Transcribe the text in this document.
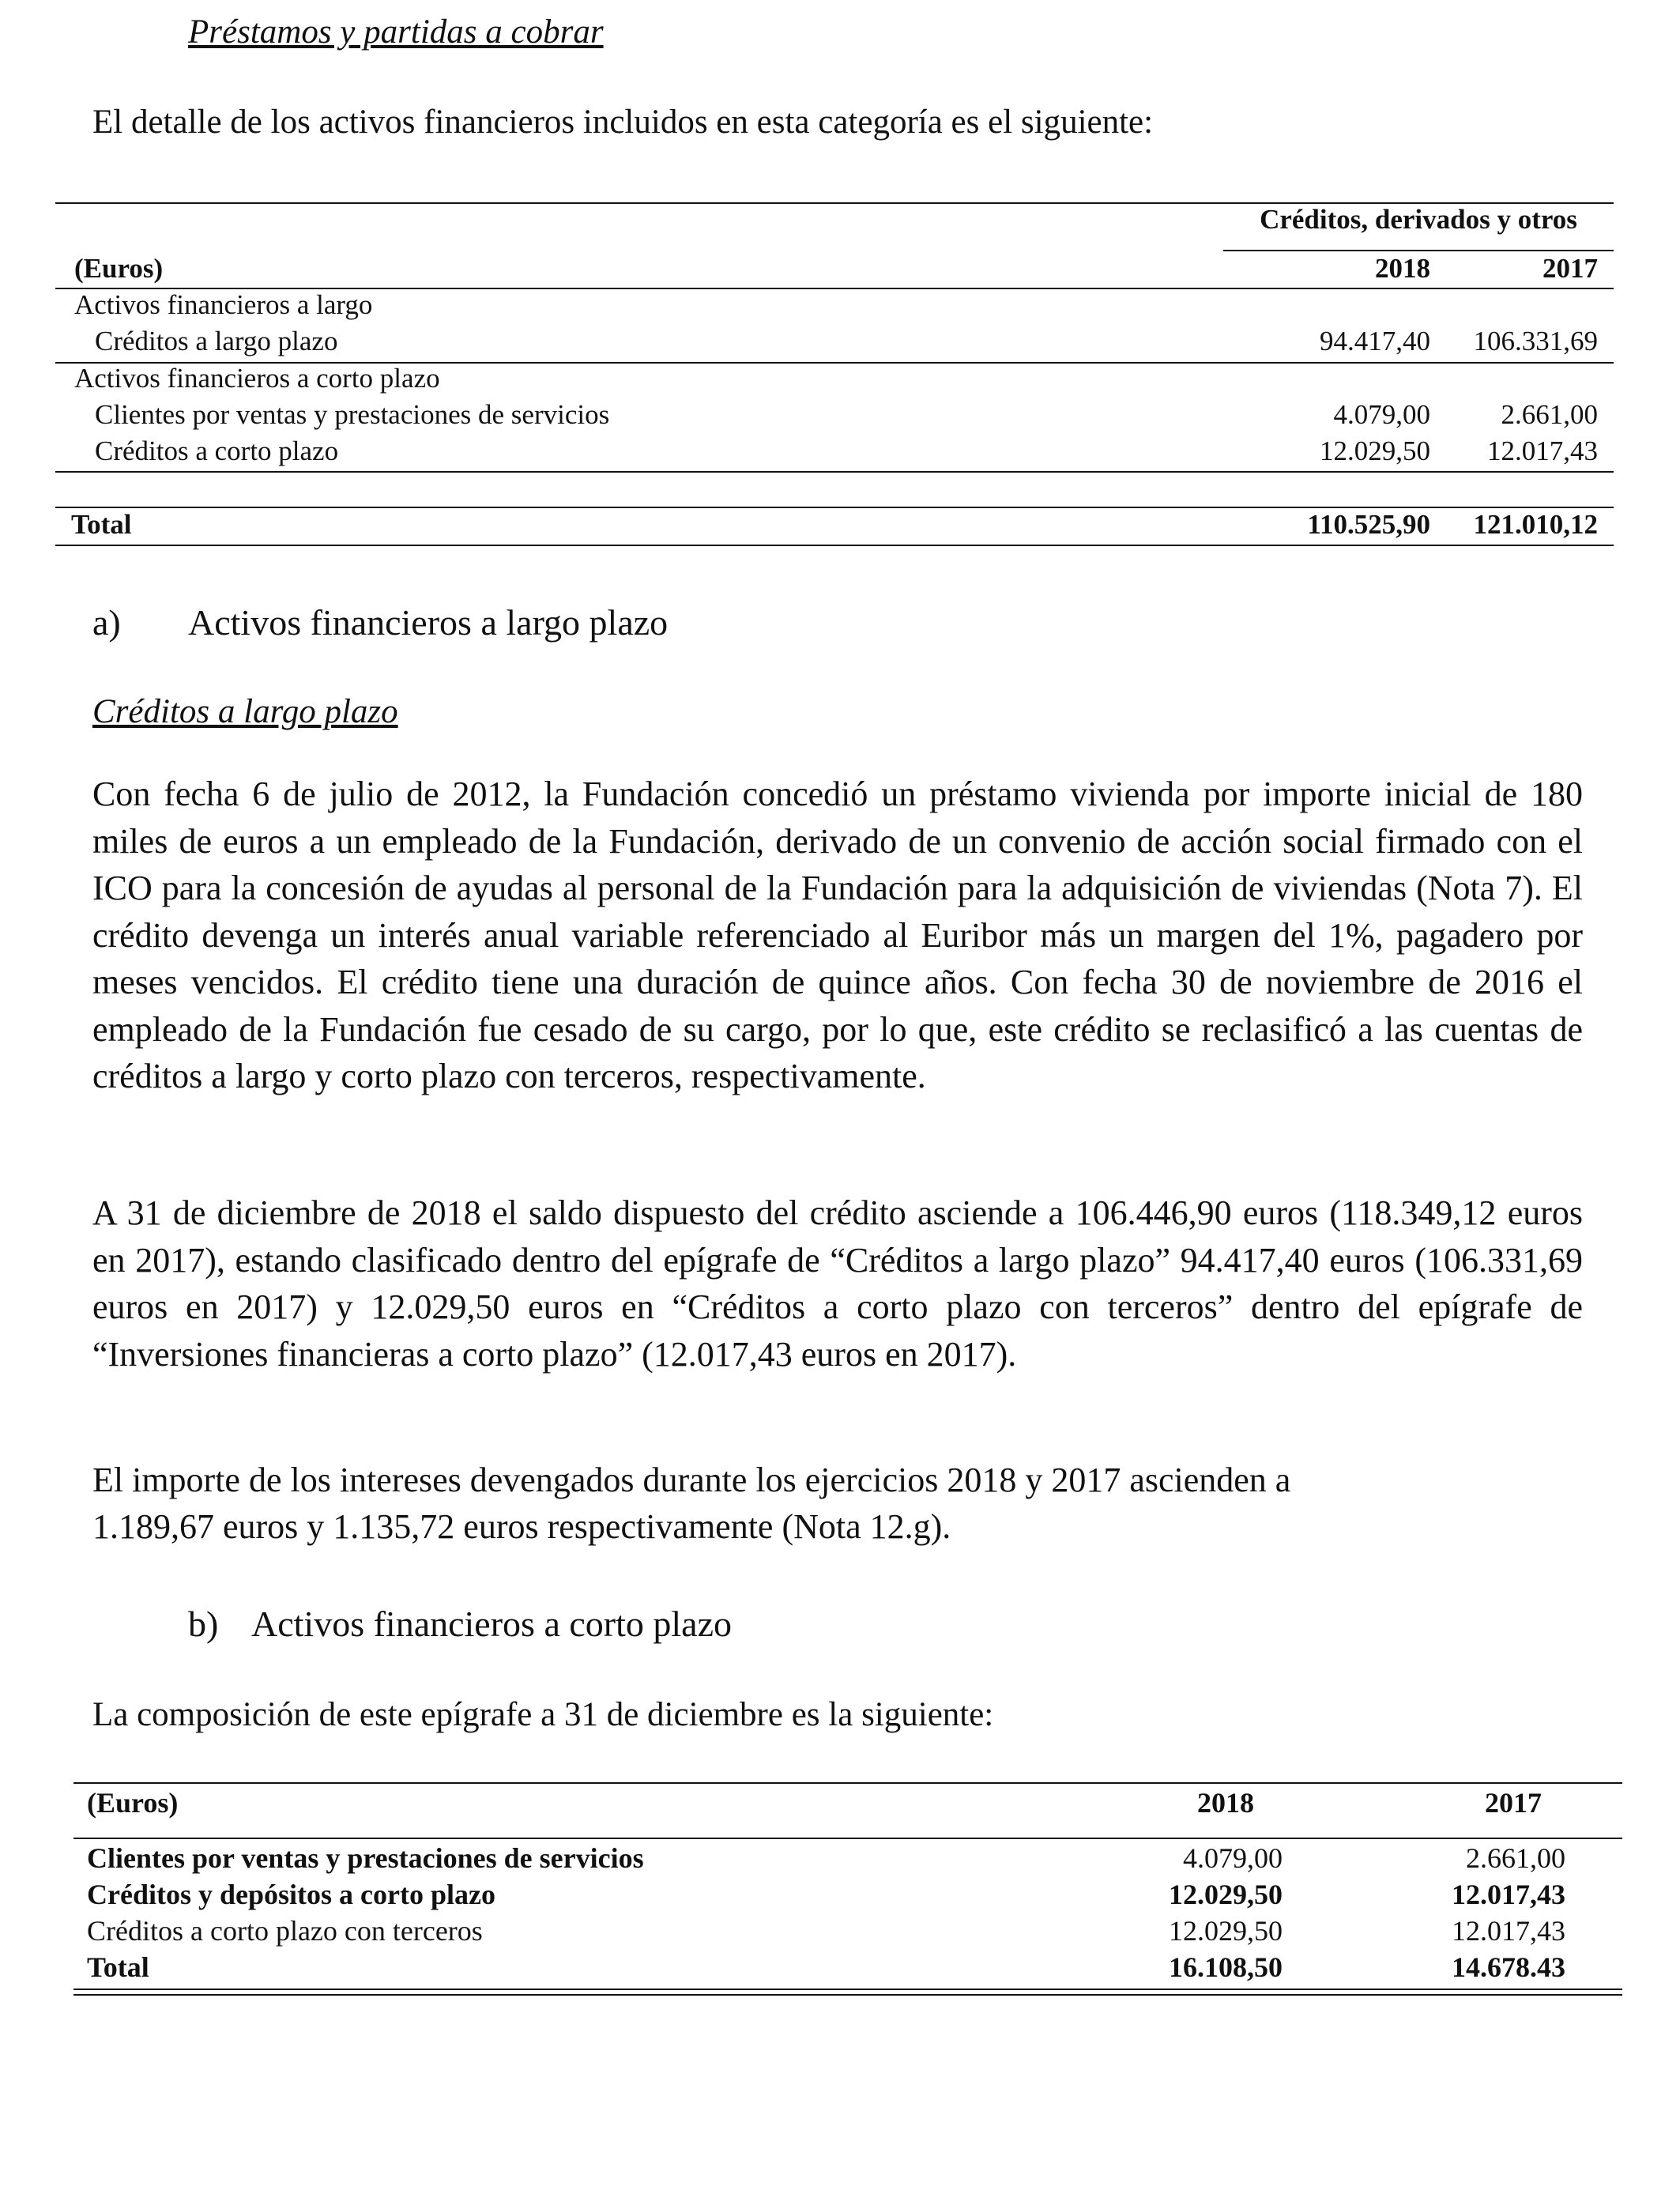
Préstamos y partidas a cobrar
El detalle de los activos financieros incluidos en esta categoría es el siguiente:
Créditos, derivados y otros
(Euros)	2018	2017
Activos financieros a largo
Créditos a largo plazo	94.417,40 106.331,69
Activos financieros a corto plazo
Clientes por ventas y prestaciones de servicios	4.079,00	2.661,00
Créditos a corto plazo	12.029,50 12.017,43
Total	110.525,90 121.010,12
a) Activos financieros a largo plazo
Créditos a largo plazo
Con fecha 6 de julio de 2012, la Fundación concedió un préstamo vivienda por importe inicial de 180 miles de euros a un empleado de la Fundación, derivado de un convenio de acción social firmado con el ICO para la concesión de ayudas al personal de la Fundación para la adquisición de viviendas (Nota 7). El crédito devenga un interés anual variable referenciado al Euribor más un margen del 1%, pagadero por meses vencidos. El crédito tiene una duración de quince años. Con fecha 30 de noviembre de 2016 el empleado de la Fundación fue cesado de su cargo, por lo que, este crédito se reclasificó a las cuentas de créditos a largo y corto plazo con terceros, respectivamente.
A 31 de diciembre de 2018 el saldo dispuesto del crédito asciende a 106.446,90 euros (118.349,12 euros en 2017), estando clasificado dentro del epígrafe de “Créditos a largo plazo” 94.417,40 euros (106.331,69 euros en 2017) y 12.029,50 euros en “Créditos a corto plazo con terceros” dentro del epígrafe de “Inversiones financieras a corto plazo” (12.017,43 euros en 2017).
El importe de los intereses devengados durante los ejercicios 2018 y 2017 ascienden a
1.189,67 euros y 1.135,72 euros respectivamente (Nota 12.g).
b) Activos financieros a corto plazo
La composición de este epígrafe a 31 de diciembre es la siguiente:
(Euros)	2018	2017
Clientes por ventas y prestaciones de servicios	4.079,00	2.661,00
Créditos y depósitos a corto plazo	12.029,50	12.017,43
Créditos a corto plazo con terceros	12.029,50	12.017,43
Total	16.108,50	14.678.43
